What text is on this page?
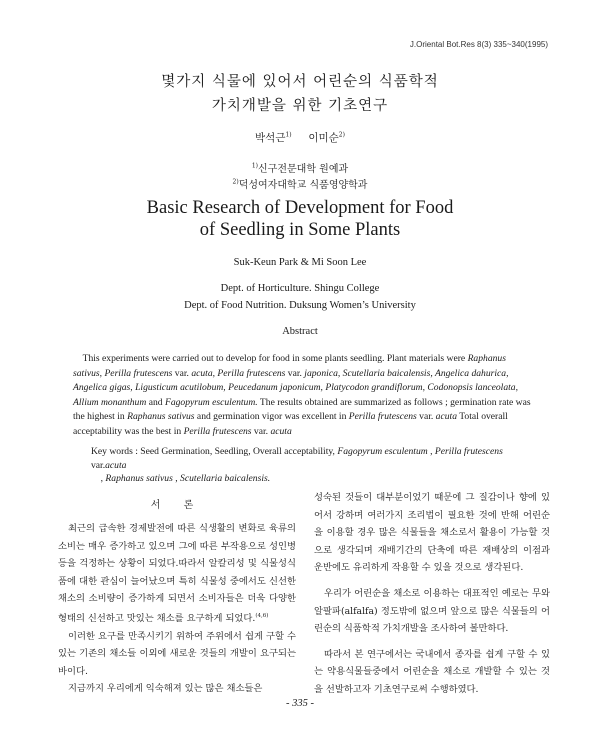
J.Oriental Bot.Res 8(3) 335~340(1995)
몇가지 식물에 있어서 어린순의 식품학적
가치개발을 위한 기초연구
박석근$^{1)}$ 이미순$^{2)}$
$^{1)}$신구전문대학 원예과
$^{2)}$덕성여자대학교 식품영양학과
Basic Research of Development for Food
of Seedling in Some Plants
Suk-Keun Park & Mi Soon Lee
Dept. of Horticulture. Shingu College
Dept. of Food Nutrition. Duksung Women’s University
Abstract

This experiments were carried out to develop for food in some plants seedling. Plant materials were Raphanus sativus, Perilla frutescens var. acuta, Perilla frutescens var. japonica, Scutellaria baicalensis, Angelica dahurica, Angelica gigas, Ligusticum acutilobum, Peucedanum japonicum, Platycodon grandiflorum, Codonopsis lanceolata, Allium monanthum and Fagopyrum esculentum. The results obtained are summarized as follows ; germination rate was the highest in Raphanus sativus and germination vigor was excellent in Perilla frutescens var. acuta Total overall acceptability was the best in Perilla frutescens var. acuta

Key words : Seed Germination, Seedling, Overall acceptability, Fagopyrum esculentum , Perilla frutescens var.acuta
, Raphanus sativus , Scutellaria baicalensis.

서 론

최근의 급속한 경제발전에 따른 식생활의 변화로 육류의 소비는 매우 증가하고 있으며 그에 따른 부작용으로 성인병등을 걱정하는 상황이 되었다.따라서 알칼리성 및 식물성식품에 대한 관심이 늘어났으며 특히 식물성 중에서도 신선한 채소의 소비량이 증가하게 되면서 소비자들은 더욱 다양한 형태의 신선하고 맛있는 채소를 요구하게 되었다.$^{(4,6)}$

이러한 요구를 만족시키기 위하여 주위에서 쉽게 구할 수있는 기존의 채소들 이외에 새로운 것들의 개발이 요구되는 바이다.

지금까지 우리에게 익숙해져 있는 많은 채소들은

성숙된 것들이 대부분이었기 때문에 그 질감이나 향에 있어서 강하며 여러가지 조리법이 필요한 것에 반해 어린순을 이용할 경우 많은 식물들을 채소로서 활용이 가능할 것으로 생각되며 재배기간의 단축에 따른 재배상의 이점과 운반에도 유리하게 작용할 수 있을 것으로 생각된다.

우리가 어린순을 채소로 이용하는 대표적인 예로는 무와 알팔파(alfalfa) 정도밖에 없으며 앞으로 많은 식물들의 어린순의 식품학적 가치개발을 조사하여 볼만하다.

따라서 본 연구에서는 국내에서 종자를 쉽게 구할 수 있는 약용식물들중에서 어린순을 채소로 개발할 수 있는 것을 선발하고자 기초연구로써 수행하였다.

- 335 -
